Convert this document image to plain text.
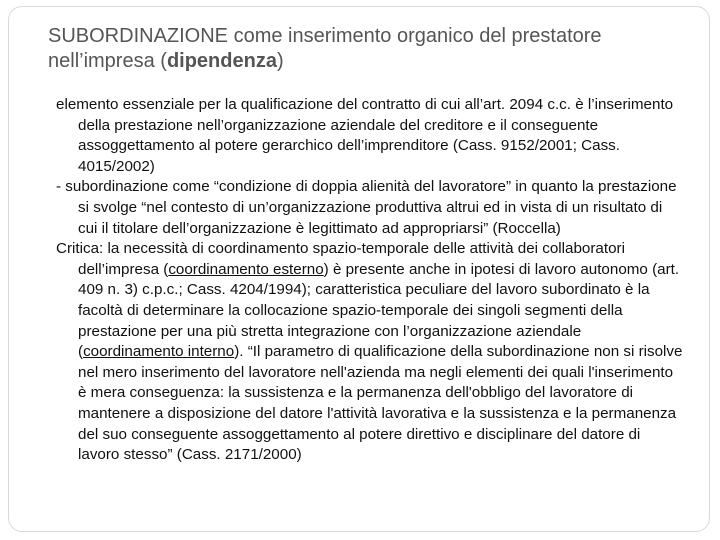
SUBORDINAZIONE come inserimento organico del prestatore nell’impresa (dipendenza)

elemento essenziale per la qualificazione del contratto di cui all’art. 2094 c.c. è l’inserimento della prestazione nell’organizzazione aziendale del creditore e il conseguente assoggettamento al potere gerarchico dell’imprenditore (Cass. 9152/2001; Cass. 4015/2002)

- subordinazione come “condizione di doppia alienità del lavoratore” in quanto la prestazione si svolge “nel contesto di un’organizzazione produttiva altrui ed in vista di un risultato di cui il titolare dell’organizzazione è legittimato ad appropriarsi” (Roccella)

Critica: la necessità di coordinamento spazio-temporale delle attività dei collaboratori dell’impresa (coordinamento esterno) è presente anche in ipotesi di lavoro autonomo (art. 409 n. 3) c.p.c.; Cass. 4204/1994); caratteristica peculiare del lavoro subordinato è la facoltà di determinare la collocazione spazio-temporale dei singoli segmenti della prestazione per una più stretta integrazione con l’organizzazione aziendale (coordinamento interno). “Il parametro di qualificazione della subordinazione non si risolve nel mero inserimento del lavoratore nell'azienda ma negli elementi dei quali l'inserimento è mera conseguenza: la sussistenza e la permanenza dell'obbligo del lavoratore di mantenere a disposizione del datore l'attività lavorativa e la sussistenza e la permanenza del suo conseguente assoggettamento al potere direttivo e disciplinare del datore di lavoro stesso” (Cass. 2171/2000)
